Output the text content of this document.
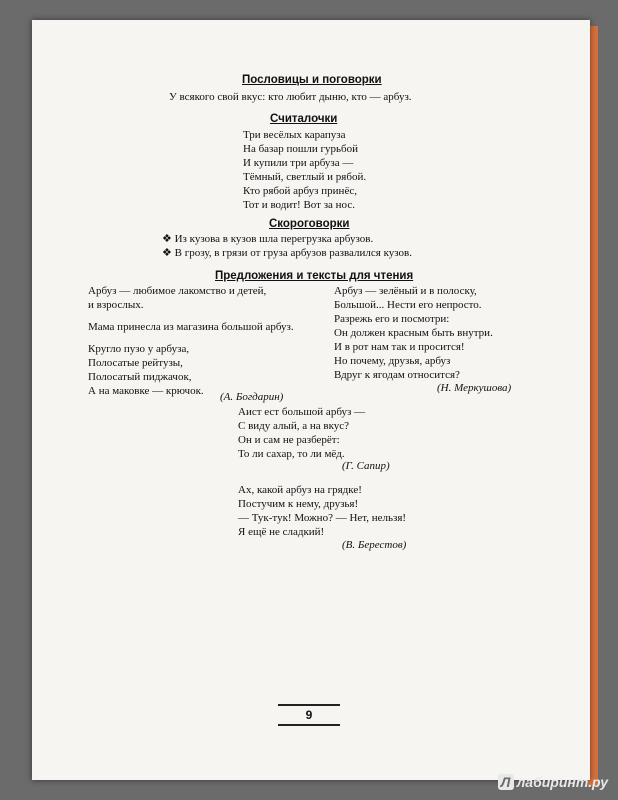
Пословицы и поговорки
У всякого свой вкус: кто любит дыню, кто — арбуз.
Считалочки
Три весёлых карапуза
На базар пошли гурьбой
И купили три арбуза —
Тёмный, светлый и рябой.
Кто рябой арбуз принёс,
Тот и водит! Вот за нос.
Скороговорки
❖ Из кузова в кузов шла перегрузка арбузов.
❖ В грозу, в грязи от груза арбузов развалился кузов.
Предложения и тексты для чтения
Арбуз — любимое лакомство и детей,
и взрослых.
Мама принесла из магазина большой арбуз.
Кругло пузо у арбуза,
Полосатые рейтузы,
Полосатый пиджачок,
А на маковке — крючок.	(А. Богдарин)
Арбуз — зелёный и в полоску,
Большой... Нести его непросто.
Разрежь его и посмотри:
Он должен красным быть внутри.
И в рот нам так и просится!
Но почему, друзья, арбуз
Вдруг к ягодам относится?
(Н. Меркушова)
Аист ест большой арбуз —
С виду алый, а на вкус?
Он и сам не разберёт:
То ли сахар, то ли мёд.
(Г. Сапир)
Ах, какой арбуз на грядке!
Постучим к нему, друзья!
— Тук-тук! Можно? — Нет, нельзя!
Я ещё не сладкий!
(В. Берестов)
9
Л лабиринт.ру
